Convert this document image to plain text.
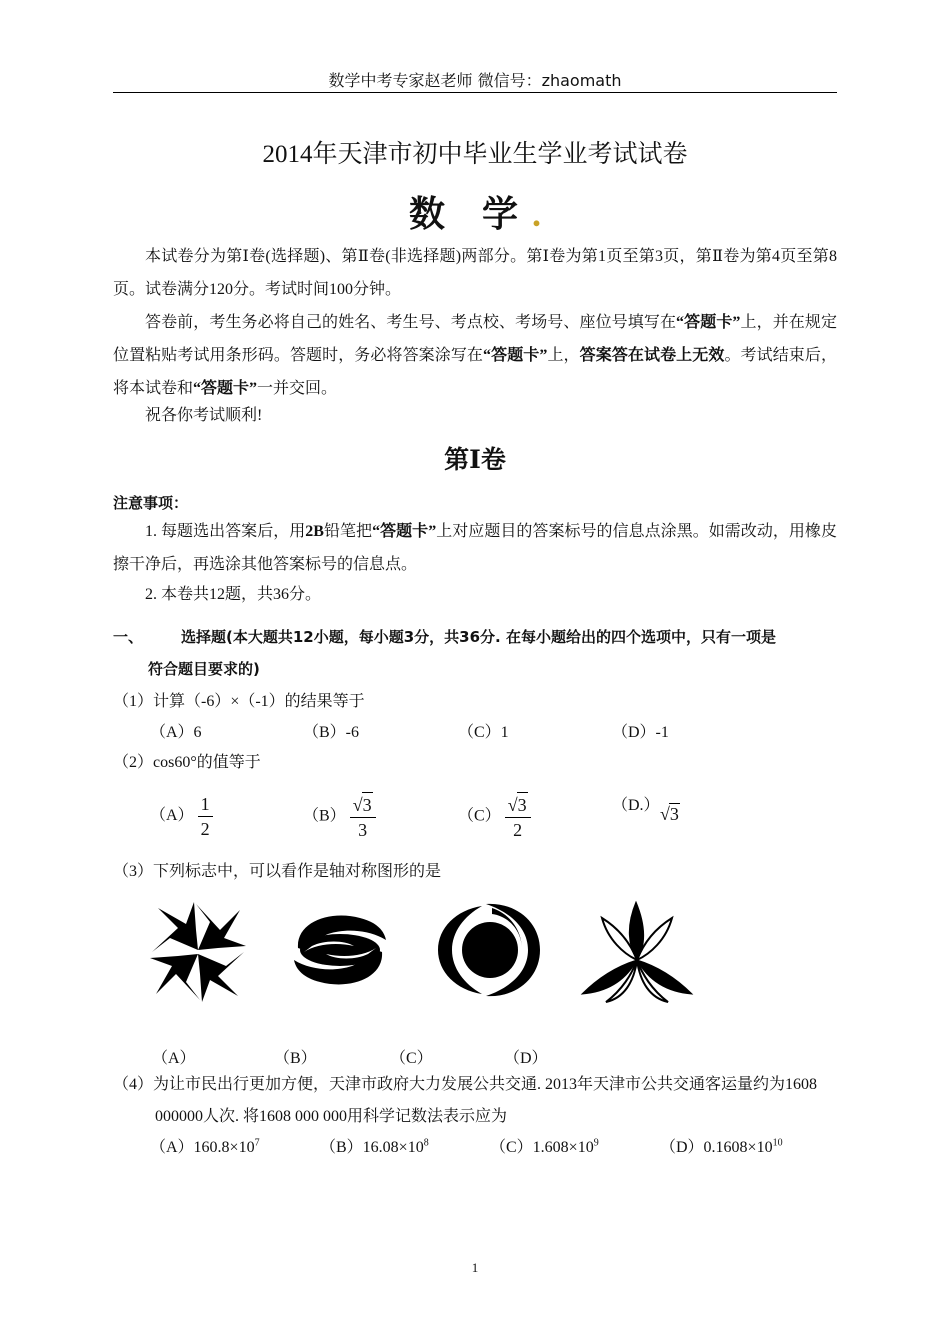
数学中考专家赵老师 微信号：zhaomath
2014年天津市初中毕业生学业考试试卷
数 学.
本试卷分为第Ⅰ卷(选择题)、第Ⅱ卷(非选择题)两部分。第Ⅰ卷为第1页至第3页，第Ⅱ卷为第4页至第8页。试卷满分120分。考试时间100分钟。
答卷前，考生务必将自己的姓名、考生号、考点校、考场号、座位号填写在“答题卡”上，并在规定位置粘贴考试用条形码。答题时，务必将答案涂写在“答题卡”上，答案答在试卷上无效。考试结束后，将本试卷和“答题卡”一并交回。
祝各你考试顺利!
第Ⅰ卷
注意事项：
1. 每题选出答案后，用2B铅笔把“答题卡”上对应题目的答案标号的信息点涂黑。如需改动，用橡皮擦干净后，再选涂其他答案标号的信息点。
2. 本卷共12题，共36分。
一、	选择题(本大题共12小题，每小题3分，共36分. 在每小题给出的四个选项中，只有一项是
符合题目要求的)
（1）计算（-6）×（-1）的结果等于
（A）6	（B）-6	（C）1	（D）-1
（2）cos60°的值等于
$(A) \frac{1}{2}$	$(B) \frac{√3}{3}$	$(C) \frac{√3}{2}$	（D.） √3
（3）下列标志中，可以看作是轴对称图形的是
（A）	（B）	（C）	（D）
（4）为让市民出行更加方便，天津市政府大力发展公共交通. 2013年天津市公共交通客运量约为1608
000000人次. 将1608 000 000用科学记数法表示应为
$(A)160.8\times 10^7$	$(B)16.08\times 10^8$	$(C)1.608\times 10^9$	$(D)0.1608\times 10^{10}$
1
